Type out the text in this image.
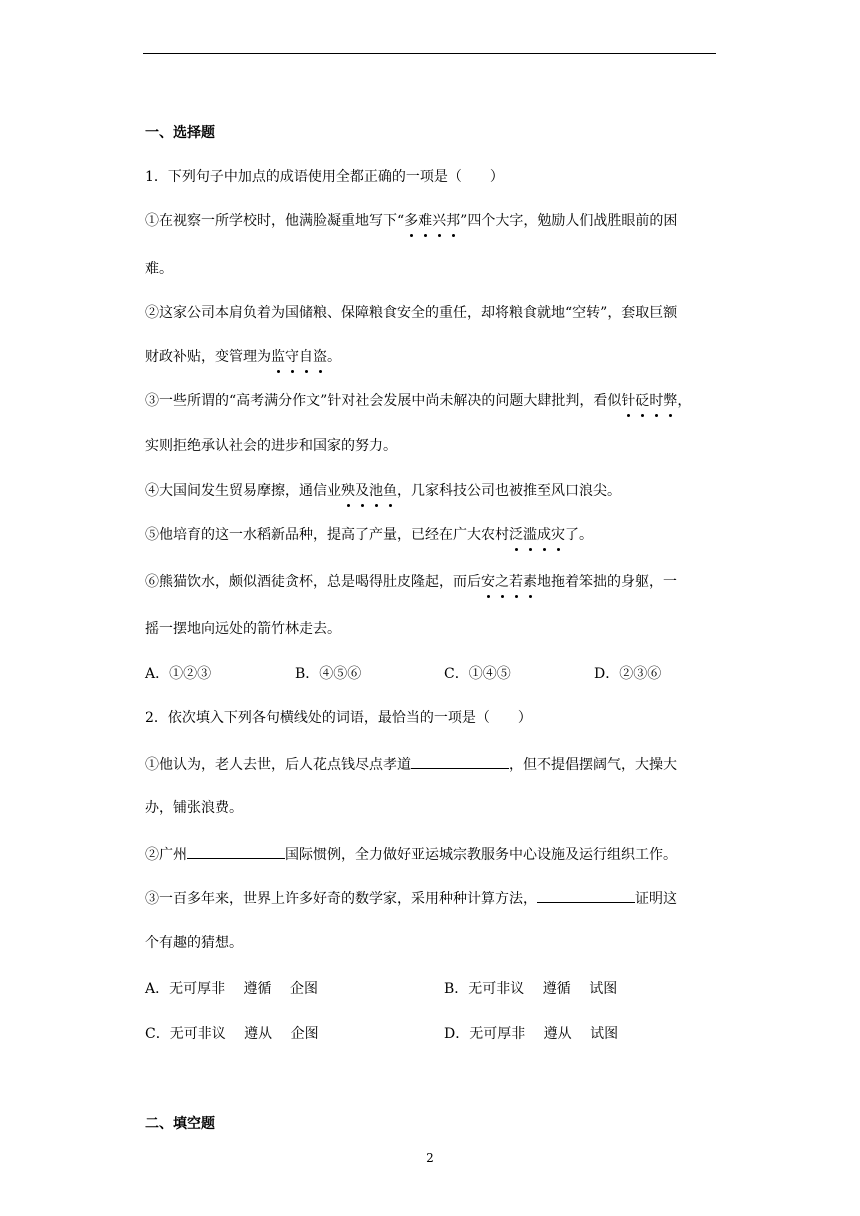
一、选择题
1．下列句子中加点的成语使用全都正确的一项是（　　）
①在视察一所学校时，他满脸凝重地写下“多难兴邦”四个大字，勉励人们战胜眼前的困
难。
②这家公司本肩负着为国储粮、保障粮食安全的重任，却将粮食就地“空转”，套取巨额
财政补贴，变管理为监守自盗。
③一些所谓的“高考满分作文”针对社会发展中尚未解决的问题大肆批判，看似针砭时弊，
实则拒绝承认社会的进步和国家的努力。
④大国间发生贸易摩擦，通信业殃及池鱼，几家科技公司也被推至风口浪尖。
⑤他培育的这一水稻新品种，提高了产量，已经在广大农村泛滥成灾了。
⑥熊猫饮水，颇似酒徒贪杯，总是喝得肚皮隆起，而后安之若素地拖着笨拙的身躯，一
摇一摆地向远处的箭竹林走去。
A．①②③	B．④⑤⑥	C．①④⑤	D．②③⑥
2．依次填入下列各句横线处的词语，最恰当的一项是（　　）
①他认为，老人去世，后人花点钱尽点孝道	，但不提倡摆阔气，大操大
办，铺张浪费。
②广州	国际惯例，全力做好亚运城宗教服务中心设施及运行组织工作。
③一百多年来，世界上许多好奇的数学家，采用种种计算方法，	证明这
个有趣的猜想。
A．无可厚非　 遵循　 企图	B．无可非议　 遵循　 试图
C．无可非议　 遵从　 企图	D．无可厚非　 遵从　 试图
二、填空题
2
